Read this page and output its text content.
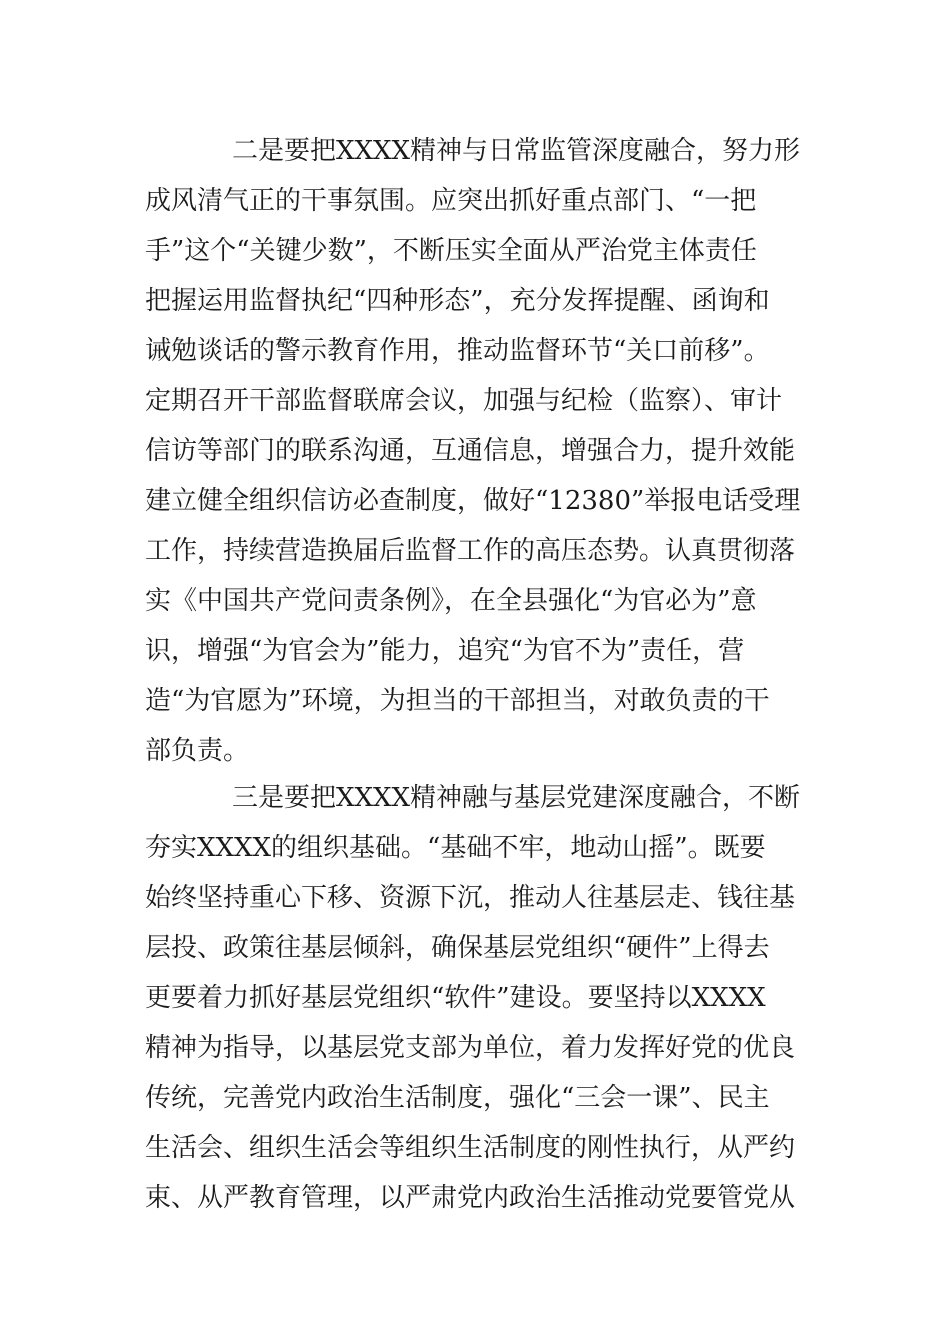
二是要把XXXX精神与日常监管深度融合，努力形
成风清气正的干事氛围。应突出抓好重点部门、“一把
手”这个“关键少数”，不断压实全面从严治党主体责任
把握运用监督执纪“四种形态”，充分发挥提醒、函询和
诫勉谈话的警示教育作用，推动监督环节“关口前移”。
定期召开干部监督联席会议，加强与纪检（监察）、审计
信访等部门的联系沟通，互通信息，增强合力，提升效能
建立健全组织信访必查制度，做好“12380”举报电话受理
工作，持续营造换届后监督工作的高压态势。认真贯彻落
实《中国共产党问责条例》，在全县强化“为官必为”意
识，增强“为官会为”能力，追究“为官不为”责任，营
造“为官愿为”环境，为担当的干部担当，对敢负责的干
部负责。
三是要把XXXX精神融与基层党建深度融合，不断
夯实XXXX的组织基础。“基础不牢，地动山摇”。既要
始终坚持重心下移、资源下沉，推动人往基层走、钱往基
层投、政策往基层倾斜，确保基层党组织“硬件”上得去
更要着力抓好基层党组织“软件”建设。要坚持以XXXX
精神为指导，以基层党支部为单位，着力发挥好党的优良
传统，完善党内政治生活制度，强化“三会一课”、民主
生活会、组织生活会等组织生活制度的刚性执行，从严约
束、从严教育管理，以严肃党内政治生活推动党要管党从
